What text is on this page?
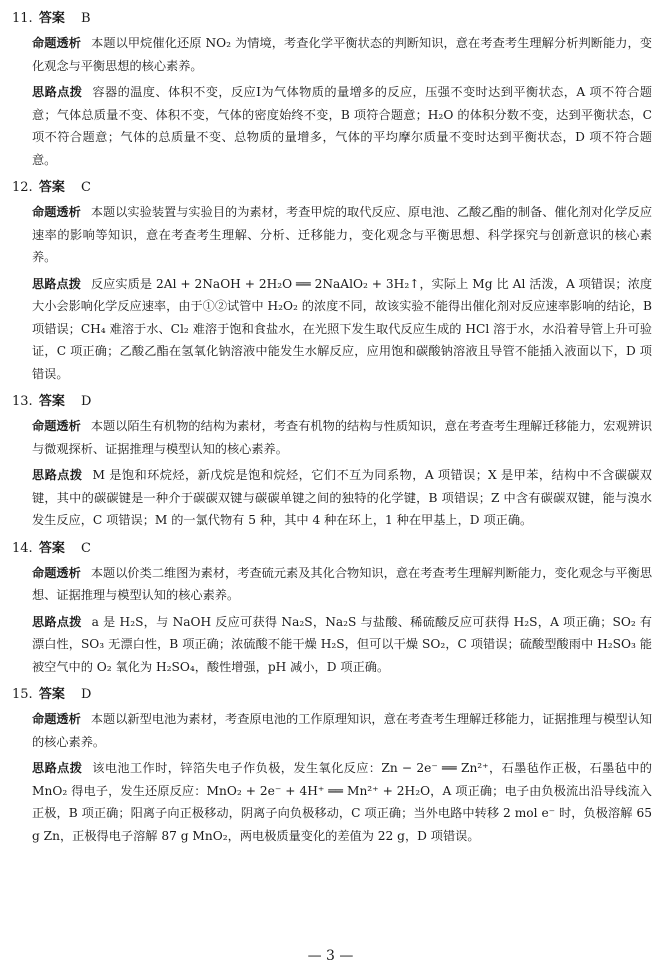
11. 答案 B

命题透析 本题以甲烷催化还原 NO₂ 为情境，考查化学平衡状态的判断知识，意在考查考生理解分析判断能力，变化观念与平衡思想的核心素养。

思路点拨 容器的温度、体积不变，反应Ⅰ为气体物质的量增多的反应，压强不变时达到平衡状态，A 项不符合题意；气体总质量不变、体积不变，气体的密度始终不变，B 项符合题意；H₂O 的体积分数不变，达到平衡状态，C 项不符合题意；气体的总质量不变、总物质的量增多，气体的平均摩尔质量不变时达到平衡状态，D 项不符合题意。

12. 答案 C

命题透析 本题以实验装置与实验目的为素材，考查甲烷的取代反应、原电池、乙酸乙酯的制备、催化剂对化学反应速率的影响等知识，意在考查考生理解、分析、迁移能力，变化观念与平衡思想、科学探究与创新意识的核心素养。

思路点拨 反应实质是 2Al + 2NaOH + 2H₂O ══ 2NaAlO₂ + 3H₂↑，实际上 Mg 比 Al 活泼，A 项错误；浓度大小会影响化学反应速率，由于①②试管中 H₂O₂ 的浓度不同，故该实验不能得出催化剂对反应速率影响的结论，B 项错误；CH₄ 难溶于水、Cl₂ 难溶于饱和食盐水，在光照下发生取代反应生成的 HCl 溶于水，水沿着导管上升可验证，C 项正确；乙酸乙酯在氢氧化钠溶液中能发生水解反应，应用饱和碳酸钠溶液且导管不能插入液面以下，D 项错误。

13. 答案 D

命题透析 本题以陌生有机物的结构为素材，考查有机物的结构与性质知识，意在考查考生理解迁移能力，宏观辨识与微观探析、证据推理与模型认知的核心素养。

思路点拨 M 是饱和环烷烃，新戊烷是饱和烷烃，它们不互为同系物，A 项错误；X 是甲苯，结构中不含碳碳双键，其中的碳碳键是一种介于碳碳双键与碳碳单键之间的独特的化学键，B 项错误；Z 中含有碳碳双键，能与溴水发生反应，C 项错误；M 的一氯代物有 5 种，其中 4 种在环上，1 种在甲基上，D 项正确。

14. 答案 C

命题透析 本题以价类二维图为素材，考查硫元素及其化合物知识，意在考查考生理解判断能力，变化观念与平衡思想、证据推理与模型认知的核心素养。

思路点拨 a 是 H₂S，与 NaOH 反应可获得 Na₂S，Na₂S 与盐酸、稀硫酸反应可获得 H₂S，A 项正确；SO₂ 有漂白性，SO₃ 无漂白性，B 项正确；浓硫酸不能干燥 H₂S，但可以干燥 SO₂，C 项错误；硫酸型酸雨中 H₂SO₃ 能被空气中的 O₂ 氧化为 H₂SO₄，酸性增强，pH 减小，D 项正确。

15. 答案 D

命题透析 本题以新型电池为素材，考查原电池的工作原理知识，意在考查考生理解迁移能力，证据推理与模型认知的核心素养。

思路点拨 该电池工作时，锌箔失电子作负极，发生氧化反应：Zn − 2e⁻ ══ Zn²⁺，石墨毡作正极，石墨毡中的 MnO₂ 得电子，发生还原反应：MnO₂ + 2e⁻ + 4H⁺ ══ Mn²⁺ + 2H₂O，A 项正确；电子由负极流出沿导线流入正极，B 项正确；阳离子向正极移动，阴离子向负极移动，C 项正确；当外电路中转移 2 mol e⁻ 时，负极溶解 65 g Zn，正极得电子溶解 87 g MnO₂，两电极质量变化的差值为 22 g，D 项错误。

— 3 —
